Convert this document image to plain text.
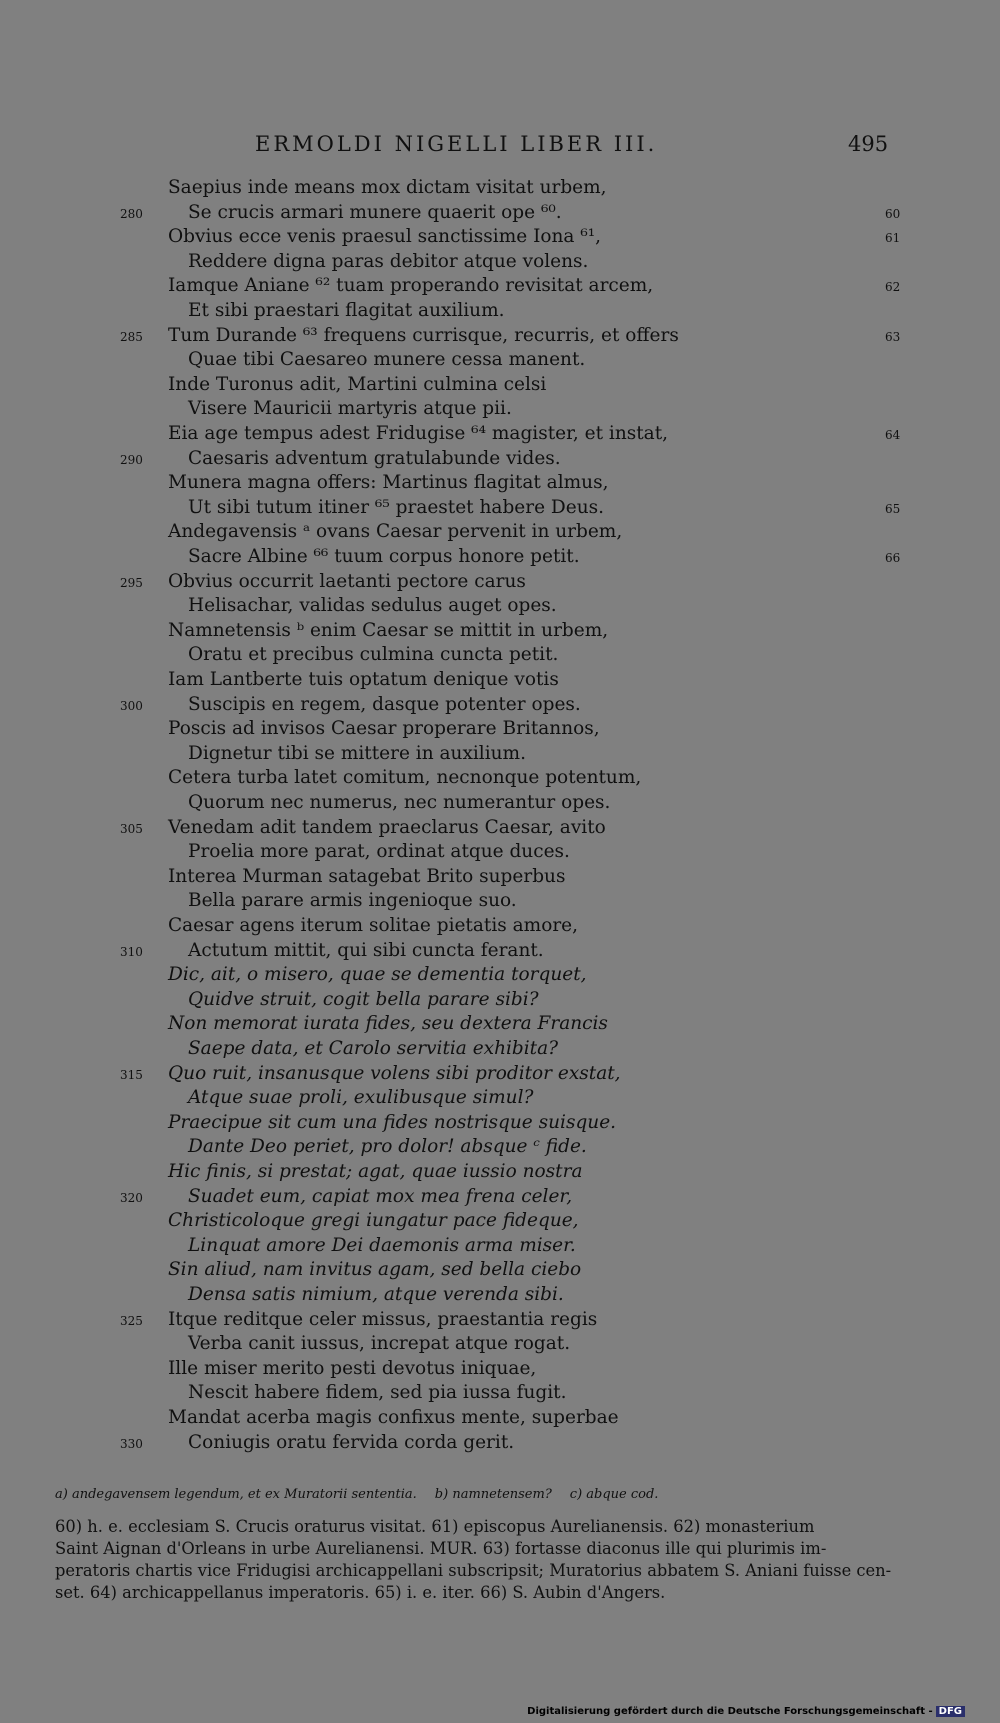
ERMOLDI NIGELLI LIBER III.	495
Saepius inde means mox dictam visitat urbem,
280	Se crucis armari munere quaerit ope ⁶⁰.	60
Obvius ecce venis praesul sanctissime Iona ⁶¹,	61
Reddere digna paras debitor atque volens.
Iamque Aniane ⁶² tuam properando revisitat arcem,	62
Et sibi praestari flagitat auxilium.
285	Tum Durande ⁶³ frequens currisque, recurris, et offers	63
Quae tibi Caesareo munere cessa manent.
Inde Turonus adit, Martini culmina celsi
Visere Mauricii martyris atque pii.
Eia age tempus adest Fridugise ⁶⁴ magister, et instat,	64
290	Caesaris adventum gratulabunde vides.
Munera magna offers: Martinus flagitat almus,
Ut sibi tutum itiner ⁶⁵ praestet habere Deus.	65
Andegavensis ᵃ ovans Caesar pervenit in urbem,
Sacre Albine ⁶⁶ tuum corpus honore petit.	66
295	Obvius occurrit laetanti pectore carus
Helisachar, validas sedulus auget opes.
Namnetensis ᵇ enim Caesar se mittit in urbem,
Oratu et precibus culmina cuncta petit.
Iam Lantberte tuis optatum denique votis
300	Suscipis en regem, dasque potenter opes.
Poscis ad invisos Caesar properare Britannos,
Dignetur tibi se mittere in auxilium.
Cetera turba latet comitum, necnonque potentum,
Quorum nec numerus, nec numerantur opes.
305	Venedam adit tandem praeclarus Caesar, avito
Proelia more parat, ordinat atque duces.
Interea Murman satagebat Brito superbus
Bella parare armis ingenioque suo.
Caesar agens iterum solitae pietatis amore,
310	Actutum mittit, qui sibi cuncta ferant.
Dic, ait, o misero, quae se dementia torquet,
Quidve struit, cogit bella parare sibi?
Non memorat iurata fides, seu dextera Francis
Saepe data, et Carolo servitia exhibita?
315	Quo ruit, insanusque volens sibi proditor exstat,
Atque suae proli, exulibusque simul?
Praecipue sit cum una fides nostrisque suisque.
Dante Deo periet, pro dolor! absque ᶜ fide.
Hic finis, si prestat; agat, quae iussio nostra
320	Suadet eum, capiat mox mea frena celer,
Christicoloque gregi iungatur pace fideque,
Linquat amore Dei daemonis arma miser.
Sin aliud, nam invitus agam, sed bella ciebo
Densa satis nimium, atque verenda sibi.
325	Itque reditque celer missus, praestantia regis
Verba canit iussus, increpat atque rogat.
Ille miser merito pesti devotus iniquae,
Nescit habere fidem, sed pia iussa fugit.
Mandat acerba magis confixus mente, superbae
330	Coniugis oratu fervida corda gerit.
a) andegavensem legendum, et ex Muratorii sententia. b) namnetensem? c) abque cod.
60) h. e. ecclesiam S. Crucis oraturus visitat. 61) episcopus Aurelianensis. 62) monasterium
Saint Aignan d'Orleans in urbe Aurelianensi. MUR. 63) fortasse diaconus ille qui plurimis im-
peratoris chartis vice Fridugisi archicappellani subscripsit; Muratorius abbatem S. Aniani fuisse cen-
set. 64) archicappellanus imperatoris. 65) i. e. iter. 66) S. Aubin d'Angers.
Digitalisierung gefördert durch die Deutsche Forschungsgemeinschaft - DFG
